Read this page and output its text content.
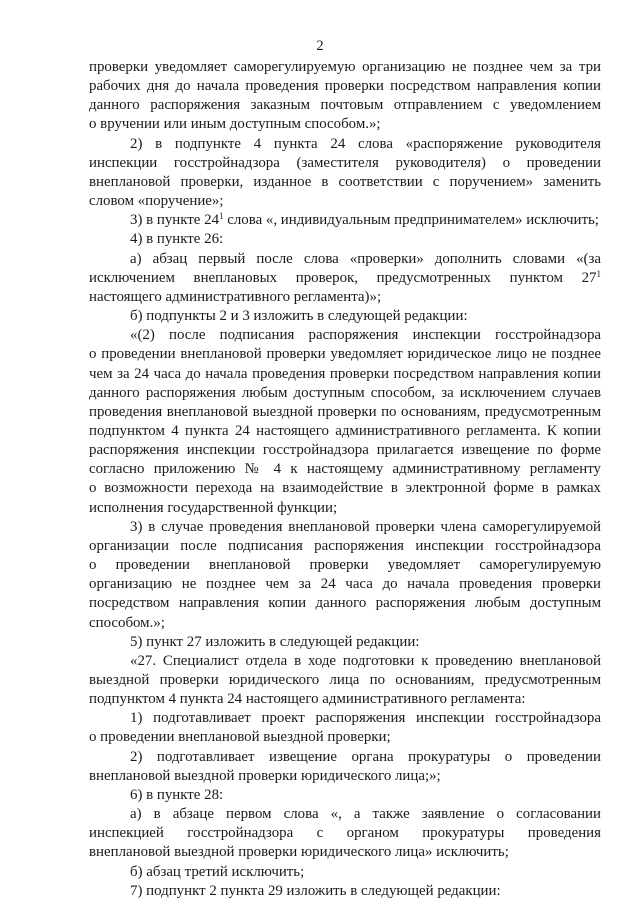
2
проверки уведомляет саморегулируемую организацию не позднее чем за три
рабочих дня до начала проведения проверки посредством направления копии
данного распоряжения заказным почтовым отправлением с уведомлением
о вручении или иным доступным способом.»;
2) в подпункте 4 пункта 24 слова «распоряжение руководителя
инспекции госстройнадзора (заместителя руководителя) о проведении
внеплановой проверки, изданное в соответствии с поручением» заменить
словом «поручение»;
3) в пункте $24^1$ слова «, индивидуальным предпринимателем» исключить;
4) в пункте 26:
а) абзац первый после слова «проверки» дополнить словами «(за
исключением внеплановых проверок, предусмотренных пунктом $27^1$
настоящего административного регламента)»;
б) подпункты 2 и 3 изложить в следующей редакции:
«(2) после подписания распоряжения инспекции госстройнадзора
о проведении внеплановой проверки уведомляет юридическое лицо не позднее
чем за 24 часа до начала проведения проверки посредством направления копии
данного распоряжения любым доступным способом, за исключением случаев
проведения внеплановой выездной проверки по основаниям, предусмотренным
подпунктом 4 пункта 24 настоящего административного регламента. К копии
распоряжения инспекции госстройнадзора прилагается извещение по форме
согласно приложению № 4 к настоящему административному регламенту
о возможности перехода на взаимодействие в электронной форме в рамках
исполнения государственной функции;
3) в случае проведения внеплановой проверки члена саморегулируемой
организации после подписания распоряжения инспекции госстройнадзора
о проведении внеплановой проверки уведомляет саморегулируемую
организацию не позднее чем за 24 часа до начала проведения проверки
посредством направления копии данного распоряжения любым доступным
способом.»;
5) пункт 27 изложить в следующей редакции:
«27. Специалист отдела в ходе подготовки к проведению внеплановой
выездной проверки юридического лица по основаниям, предусмотренным
подпунктом 4 пункта 24 настоящего административного регламента:
1) подготавливает проект распоряжения инспекции госстройнадзора
о проведении внеплановой выездной проверки;
2) подготавливает извещение органа прокуратуры о проведении
внеплановой выездной проверки юридического лица;»;
6) в пункте 28:
а) в абзаце первом слова «, а также заявление о согласовании
инспекцией госстройнадзора с органом прокуратуры проведения
внеплановой выездной проверки юридического лица» исключить;
б) абзац третий исключить;
7) подпункт 2 пункта 29 изложить в следующей редакции:
